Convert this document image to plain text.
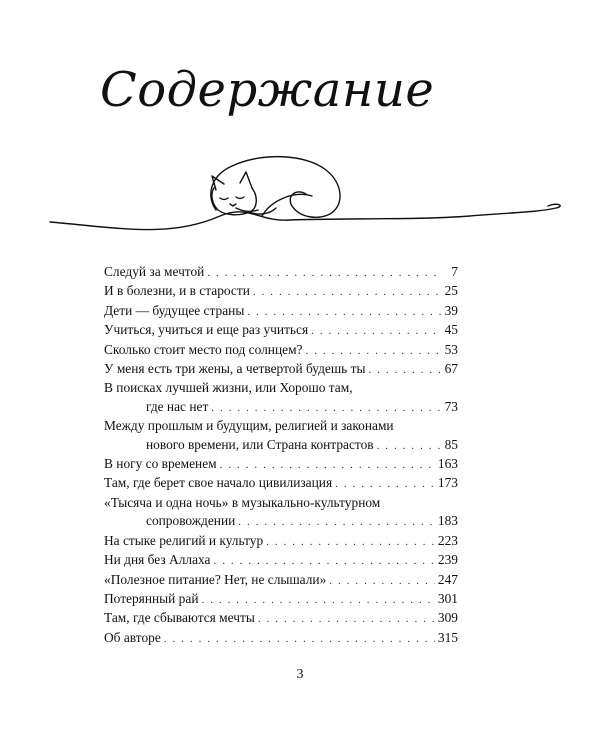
Содержание
Следуй за мечтой . . .	7
И в болезни, и в старости . . .	25
Дети — будущее страны . . .	39
Учиться, учиться и еще раз учиться . . .	45
Сколько стоит место под солнцем? . . .	53
У меня есть три жены, а четвертой будешь ты . . .	67
В поисках лучшей жизни, или Хорошо там,
где нас нет . . .	73
Между прошлым и будущим, религией и законами
нового времени, или Страна контрастов . . .	85
В ногу со временем . . .	163
Там, где берет свое начало цивилизация . . .	173
«Тысяча и одна ночь» в музыкально-культурном
сопровождении . . .	183
На стыке религий и культур . . .	223
Ни дня без Аллаха . . .	239
«Полезное питание? Нет, не слышали» . . .	247
Потерянный рай . . .	301
Там, где сбываются мечты . . .	309
Об авторе . . .	315
3
